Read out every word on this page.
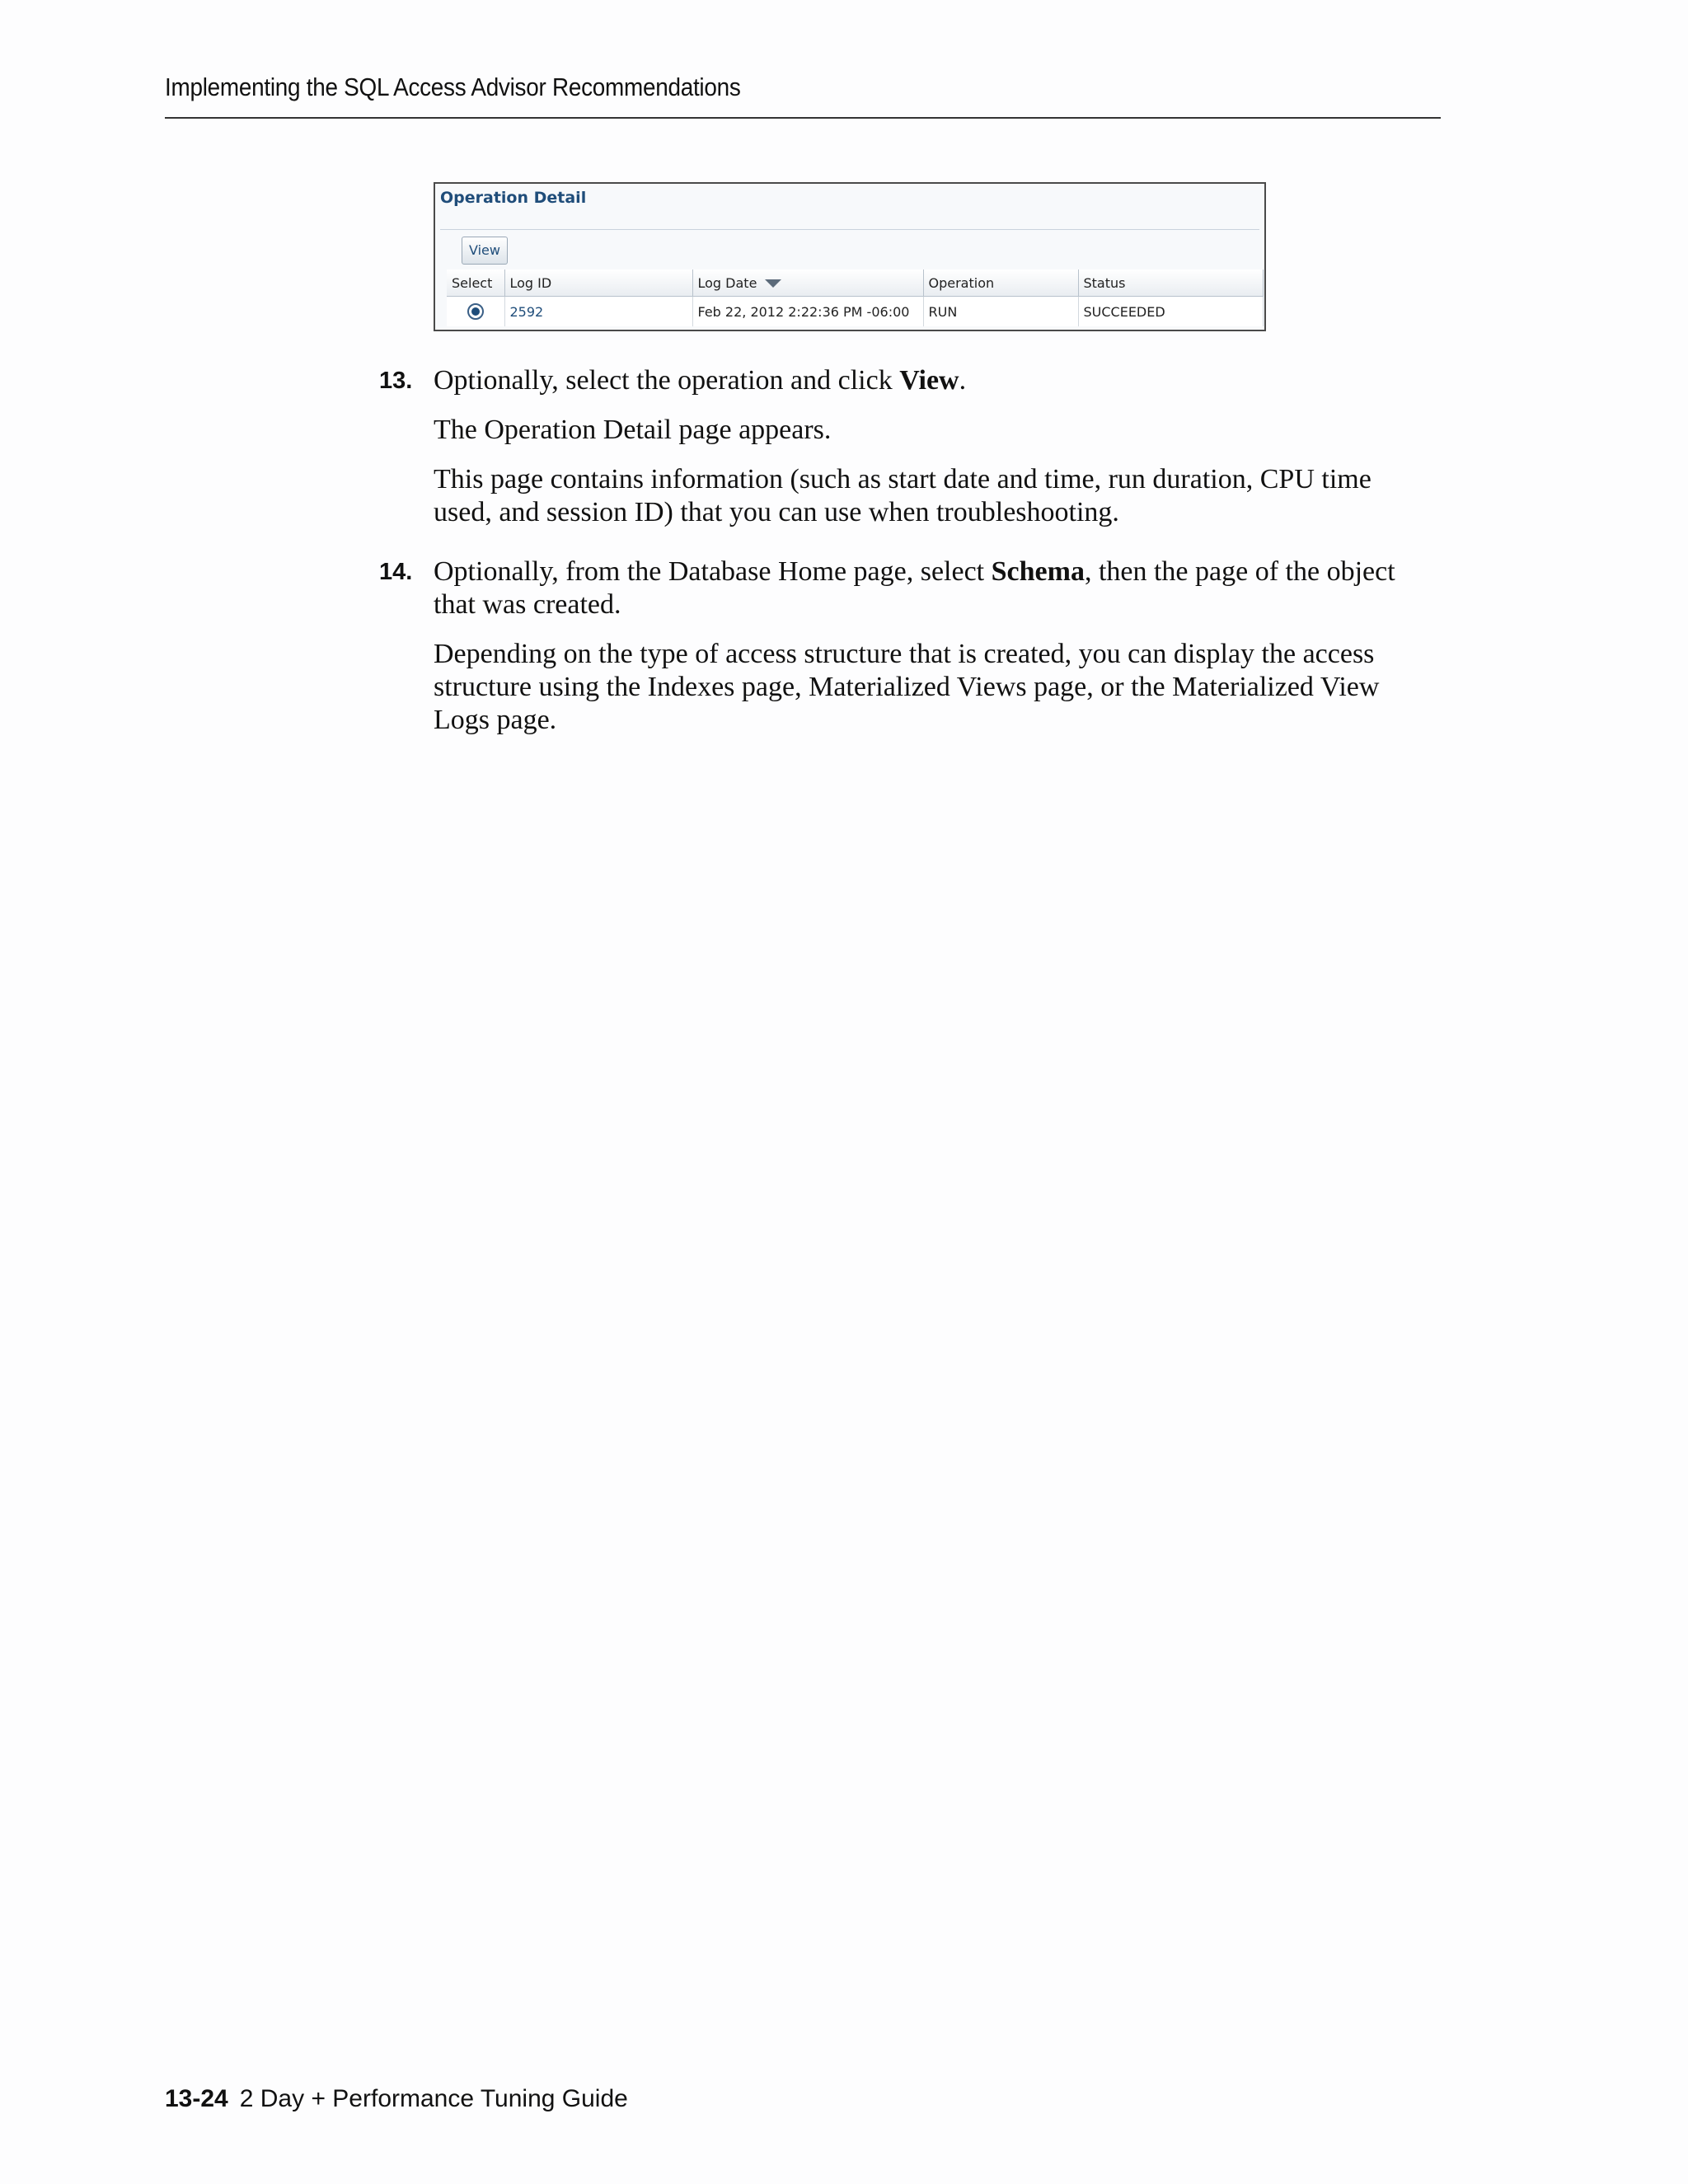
Implementing the SQL Access Advisor Recommendations
Operation Detail
View
Select	Log ID	Log Date	Operation	Status
	2592	Feb 22, 2012 2:22:36 PM -06:00	RUN	SUCCEEDED
13. Optionally, select the operation and click View.
The Operation Detail page appears.
This page contains information (such as start date and time, run duration, CPU time used, and session ID) that you can use when troubleshooting.
14. Optionally, from the Database Home page, select Schema, then the page of the object that was created.
Depending on the type of access structure that is created, you can display the access structure using the Indexes page, Materialized Views page, or the Materialized View Logs page.
13-24 2 Day + Performance Tuning Guide
